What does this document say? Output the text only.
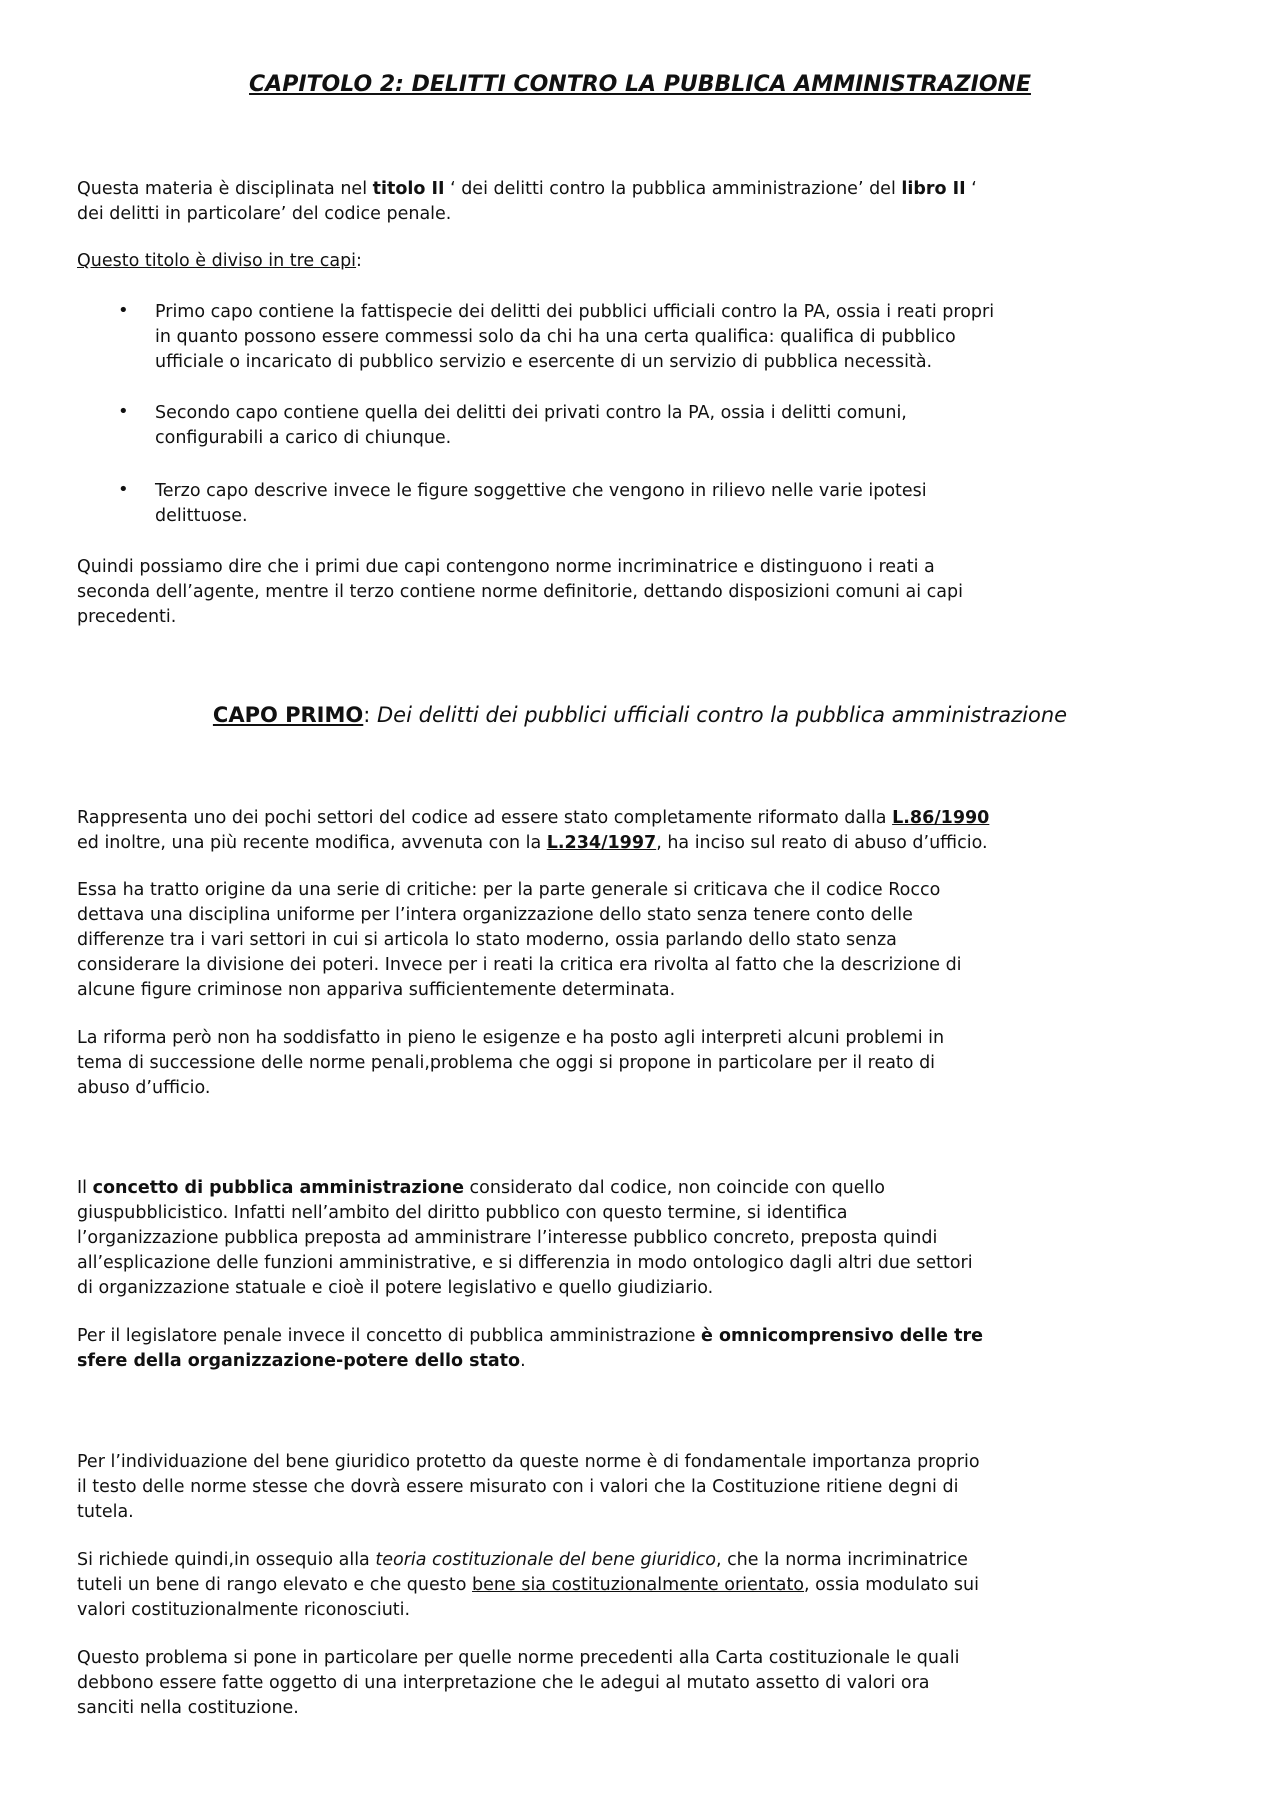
CAPITOLO 2: DELITTI CONTRO LA PUBBLICA AMMINISTRAZIONE
CAPO PRIMO: Dei delitti dei pubblici ufficiali contro la pubblica amministrazione
Questa materia è disciplinata nel titolo II ‘ dei delitti contro la pubblica amministrazione’ del libro II ‘
dei delitti in particolare’ del codice penale.
Questo titolo è diviso in tre capi:
Primo capo contiene la fattispecie dei delitti dei pubblici ufficiali contro la PA, ossia i reati propri
in quanto possono essere commessi solo da chi ha una certa qualifica: qualifica di pubblico
ufficiale o incaricato di pubblico servizio e esercente di un servizio di pubblica necessità.
Secondo capo contiene quella dei delitti dei privati contro la PA, ossia i delitti comuni,
configurabili a carico di chiunque.
Terzo capo descrive invece le figure soggettive che vengono in rilievo nelle varie ipotesi
delittuose.
Quindi possiamo dire che i primi due capi contengono norme incriminatrice e distinguono i reati a
seconda dell’agente, mentre il terzo contiene norme definitorie, dettando disposizioni comuni ai capi
precedenti.
Rappresenta uno dei pochi settori del codice ad essere stato completamente riformato dalla L.86/1990
ed inoltre, una più recente modifica, avvenuta con la L.234/1997, ha inciso sul reato di abuso d’ufficio.
Essa ha tratto origine da una serie di critiche: per la parte generale si criticava che il codice Rocco
dettava una disciplina uniforme per l’intera organizzazione dello stato senza tenere conto delle
differenze tra i vari settori in cui si articola lo stato moderno, ossia parlando dello stato senza
considerare la divisione dei poteri. Invece per i reati la critica era rivolta al fatto che la descrizione di
alcune figure criminose non appariva sufficientemente determinata.
La riforma però non ha soddisfatto in pieno le esigenze e ha posto agli interpreti alcuni problemi in
tema di successione delle norme penali,problema che oggi si propone in particolare per il reato di
abuso d’ufficio.
Il concetto di pubblica amministrazione considerato dal codice, non coincide con quello
giuspubblicistico. Infatti nell’ambito del diritto pubblico con questo termine, si identifica
l’organizzazione pubblica preposta ad amministrare l’interesse pubblico concreto, preposta quindi
all’esplicazione delle funzioni amministrative, e si differenzia in modo ontologico dagli altri due settori
di organizzazione statuale e cioè il potere legislativo e quello giudiziario.
Per il legislatore penale invece il concetto di pubblica amministrazione è omnicomprensivo delle tre
sfere della organizzazione-potere dello stato.
Per l’individuazione del bene giuridico protetto da queste norme è di fondamentale importanza proprio
il testo delle norme stesse che dovrà essere misurato con i valori che la Costituzione ritiene degni di
tutela.
Si richiede quindi,in ossequio alla teoria costituzionale del bene giuridico, che la norma incriminatrice
tuteli un bene di rango elevato e che questo bene sia costituzionalmente orientato, ossia modulato sui
valori costituzionalmente riconosciuti.
Questo problema si pone in particolare per quelle norme precedenti alla Carta costituzionale le quali
debbono essere fatte oggetto di una interpretazione che le adegui al mutato assetto di valori ora
sanciti nella costituzione.
•
•
•
